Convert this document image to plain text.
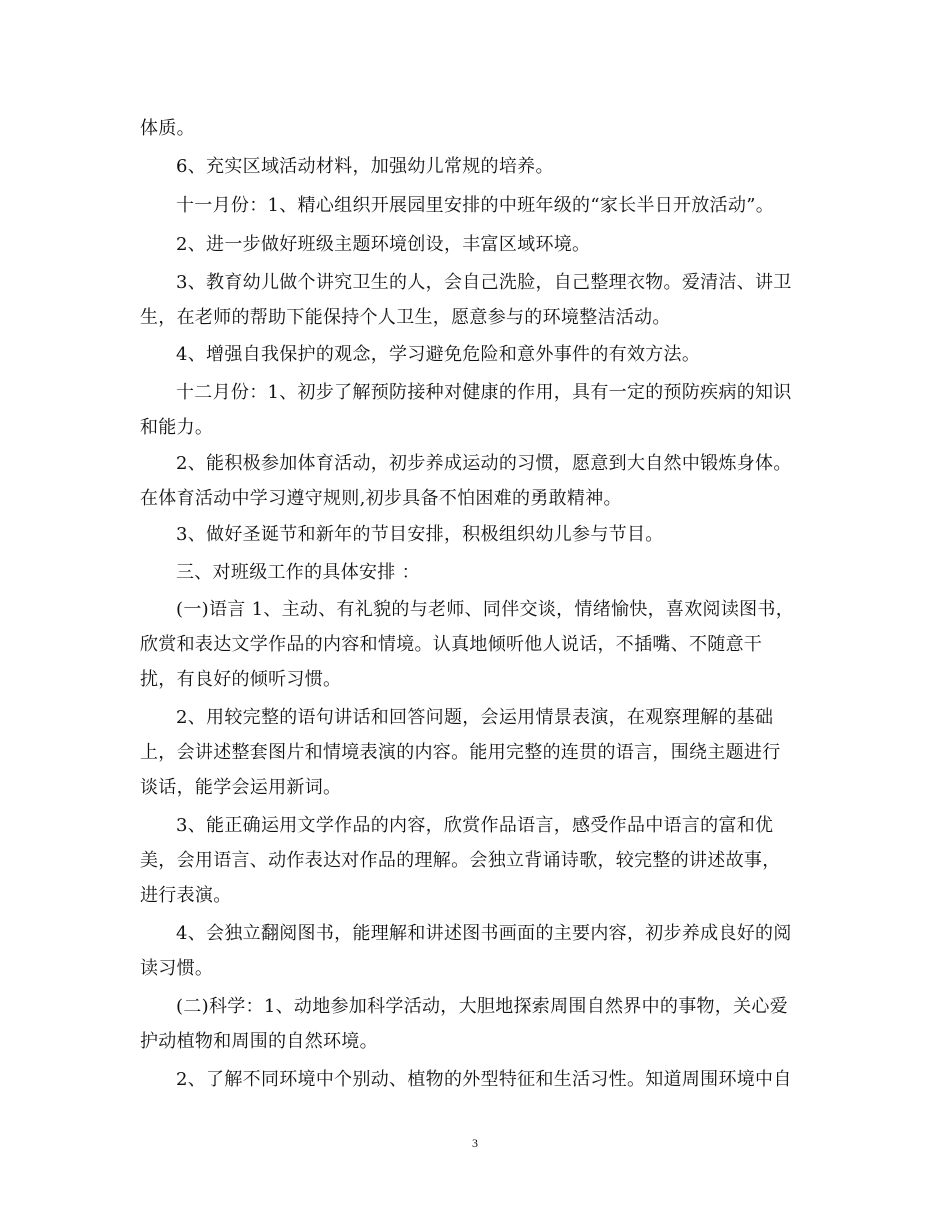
体质。
6、充实区域活动材料，加强幼儿常规的培养。
十一月份：1、精心组织开展园里安排的中班年级的“家长半日开放活动”。
2、进一步做好班级主题环境创设，丰富区域环境。
3、教育幼儿做个讲究卫生的人，会自己洗脸，自己整理衣物。爱清洁、讲卫
生，在老师的帮助下能保持个人卫生，愿意参与的环境整洁活动。
4、增强自我保护的观念，学习避免危险和意外事件的有效方法。
十二月份：1、初步了解预防接种对健康的作用，具有一定的预防疾病的知识
和能力。
2、能积极参加体育活动，初步养成运动的习惯，愿意到大自然中锻炼身体。
在体育活动中学习遵守规则,初步具备不怕困难的勇敢精神。
3、做好圣诞节和新年的节目安排，积极组织幼儿参与节目。
三、对班级工作的具体安排 ：
(一)语言 1、主动、有礼貌的与老师、同伴交谈，情绪愉快，喜欢阅读图书，
欣赏和表达文学作品的内容和情境。认真地倾听他人说话，不插嘴、不随意干
扰，有良好的倾听习惯。
2、用较完整的语句讲话和回答问题，会运用情景表演，在观察理解的基础
上，会讲述整套图片和情境表演的内容。能用完整的连贯的语言，围绕主题进行
谈话，能学会运用新词。
3、能正确运用文学作品的内容，欣赏作品语言，感受作品中语言的富和优
美，会用语言、动作表达对作品的理解。会独立背诵诗歌，较完整的讲述故事，
进行表演。
4、会独立翻阅图书，能理解和讲述图书画面的主要内容，初步养成良好的阅
读习惯。
(二)科学：1、动地参加科学活动，大胆地探索周围自然界中的事物，关心爱
护动植物和周围的自然环境。
2、了解不同环境中个别动、植物的外型特征和生活习性。知道周围环境中自
3
